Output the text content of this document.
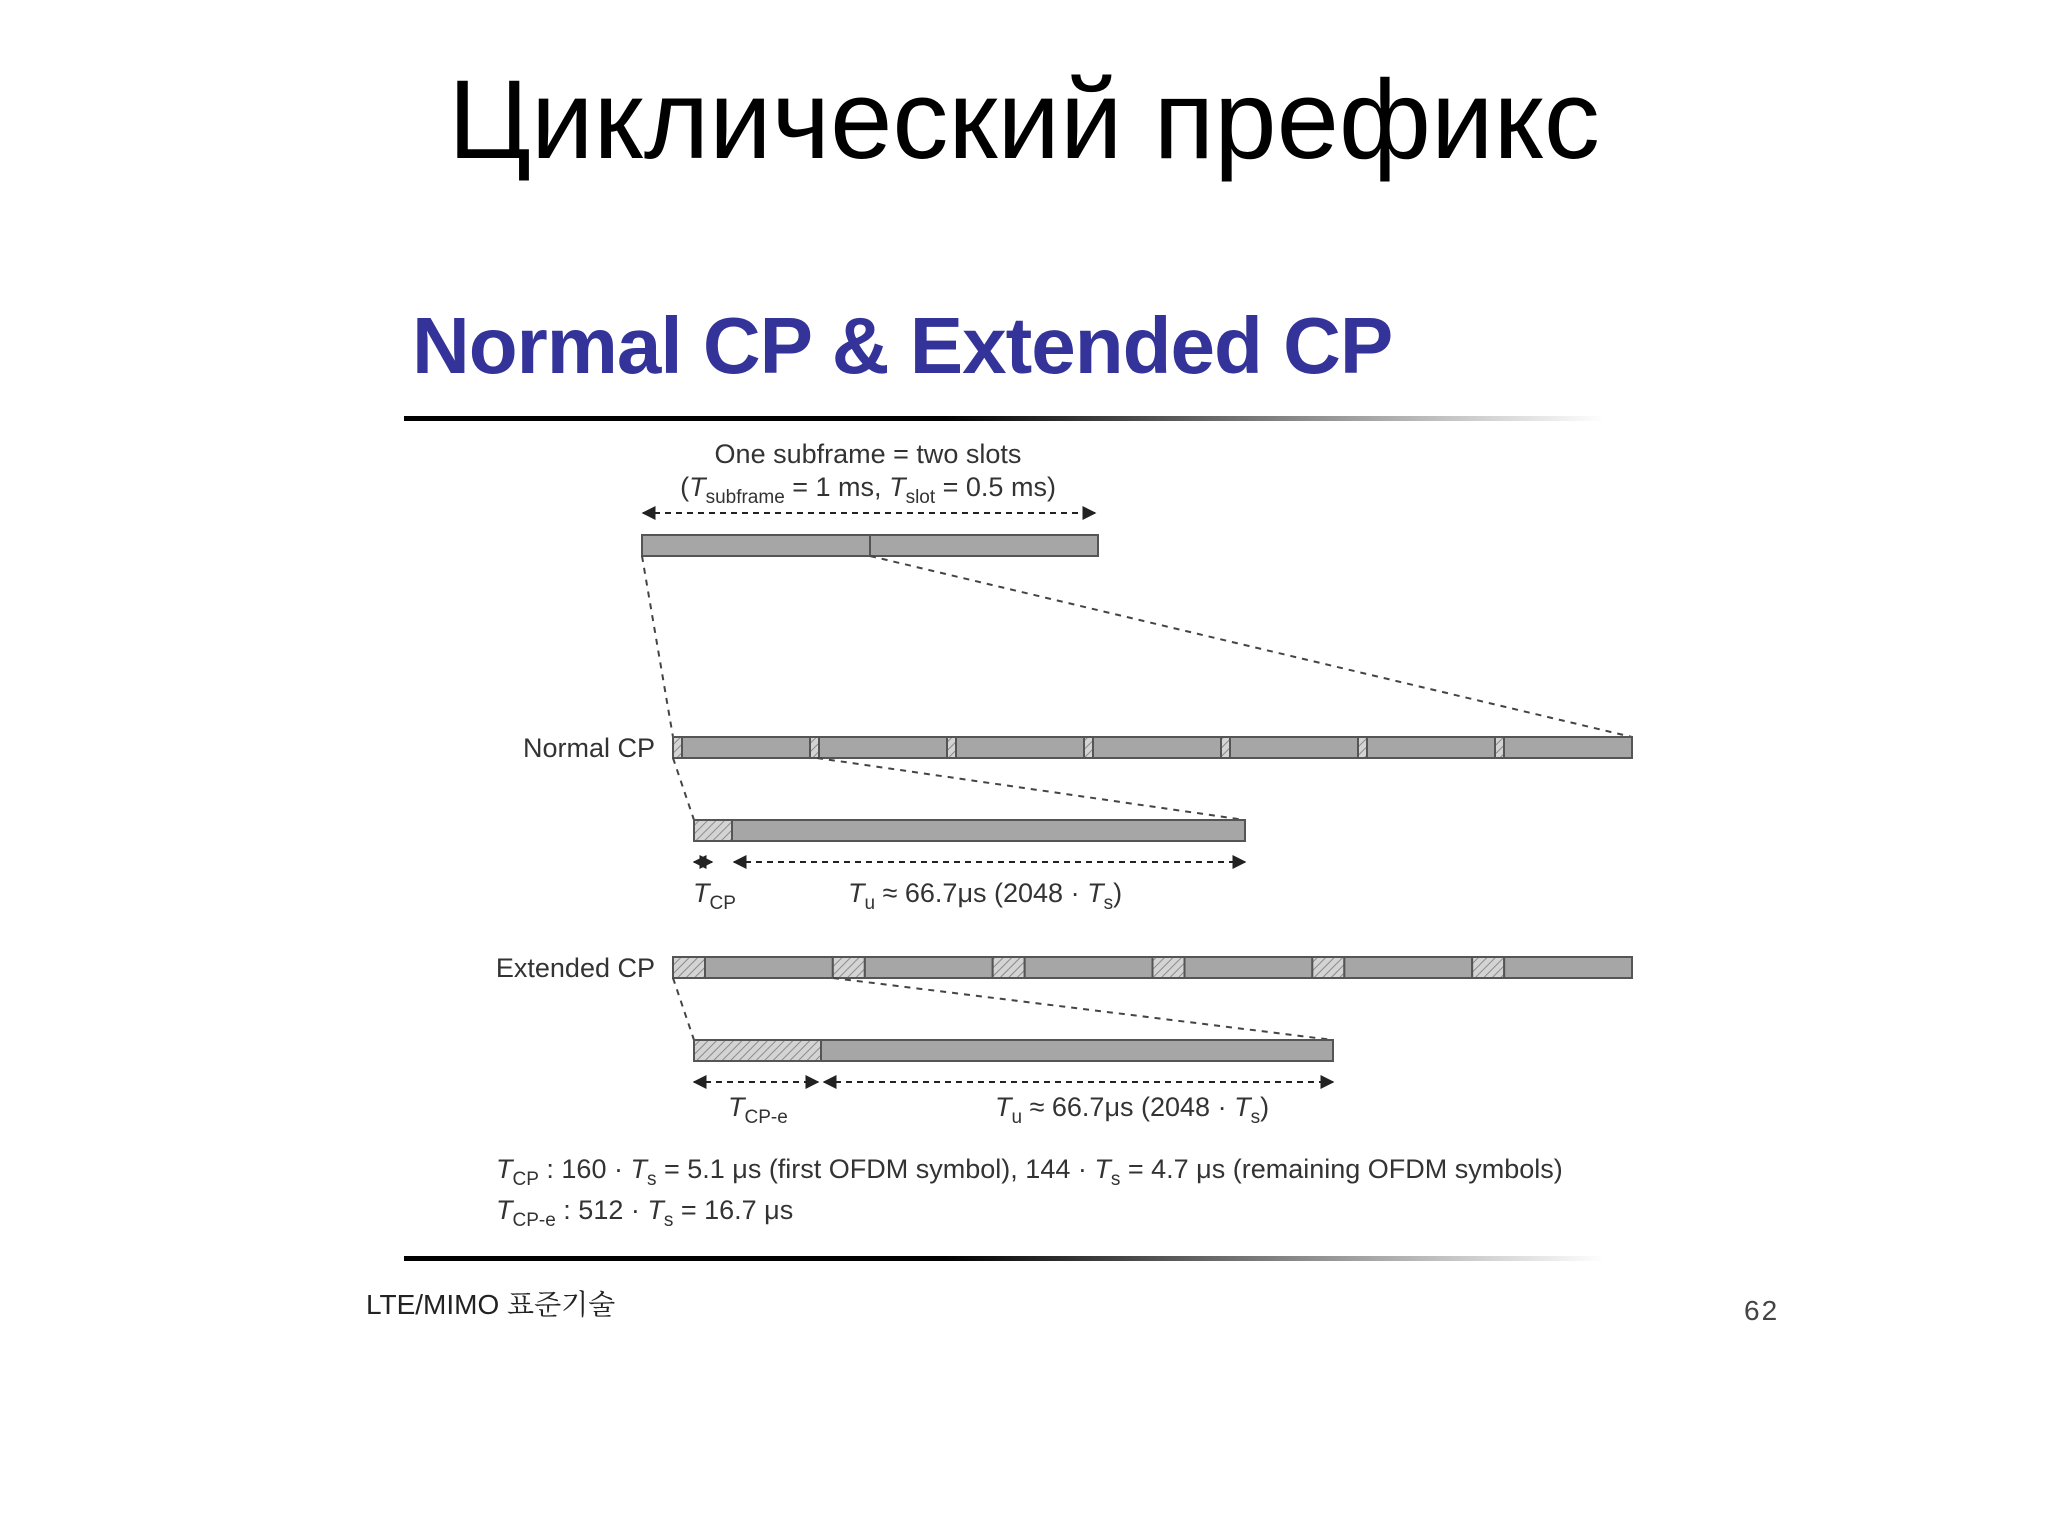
Циклический префикс
Normal CP & Extended CP
One subframe = two slots
($T_{subframe} = 1$ ms, $T_{slot} = 0.5$ ms)
Normal CP
$T_{CP}$	$T_u \approx 66.7\mu s$ $(2048 \cdot T_s)$
Extended CP
$T_{CP-e}$	$T_u \approx 66.7\mu s$ $(2048 \cdot T_s)$
$T_{CP}$ : $160 \cdot T_s = 5.1$ μs (first OFDM symbol), $144 \cdot T_s = 4.7$ μs (remaining OFDM symbols)
$T_{CP-e}$ : $512 \cdot T_s = 16.7$ μs
LTE/MIMO 표준기술	62
